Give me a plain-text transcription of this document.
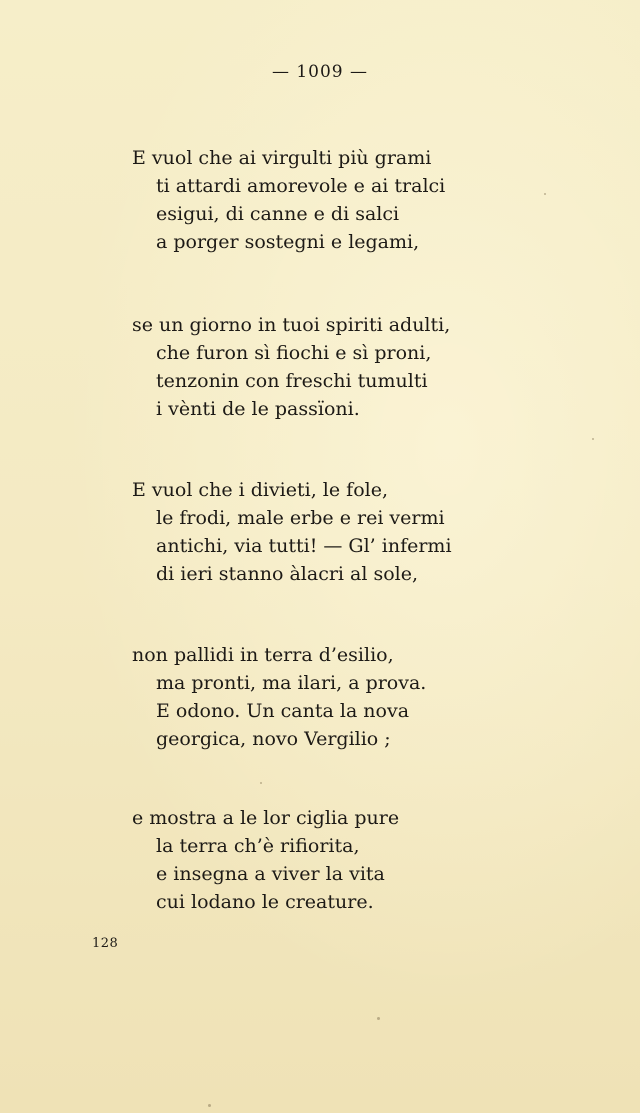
— 1009 —
E vuol che ai virgulti più grami
ti attardi amorevole e ai tralci
esigui, di canne e di salci
a porger sostegni e legami,
se un giorno in tuoi spiriti adulti,
che furon sì fiochi e sì proni,
tenzonin con freschi tumulti
i vènti de le passïoni.
E vuol che i divieti, le fole,
le frodi, male erbe e rei vermi
antichi, via tutti! — Gl’ infermi
di ieri stanno àlacri al sole,
non pallidi in terra d’esilio,
ma pronti, ma ilari, a prova.
E odono. Un canta la nova
georgica, novo Vergilio ;
e mostra a le lor ciglia pure
la terra ch’è rifiorita,
e insegna a viver la vita
cui lodano le creature.
128
